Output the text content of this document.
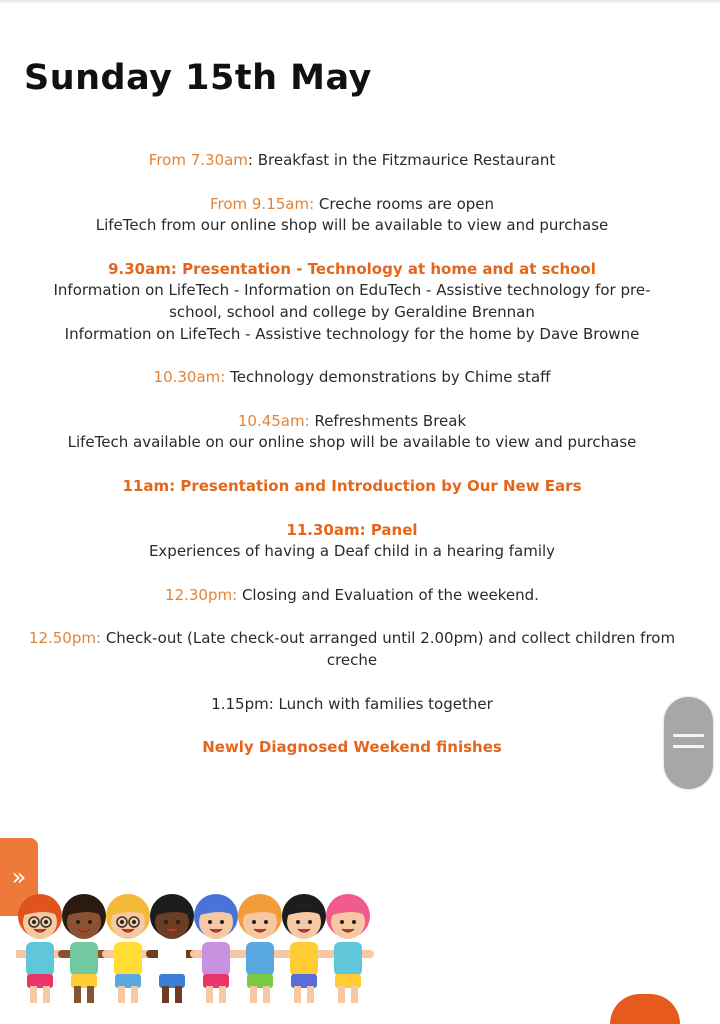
Sunday 15th May
From 7.30am: Breakfast in the Fitzmaurice Restaurant
From 9.15am: Creche rooms are open
LifeTech from our online shop will be available to view and purchase
9.30am: Presentation - Technology at home and at school
Information on LifeTech - Information on EduTech - Assistive technology for pre-
school, school and college by Geraldine Brennan
Information on LifeTech - Assistive technology for the home by Dave Browne
10.30am: Technology demonstrations by Chime staff
10.45am: Refreshments Break
LifeTech available on our online shop will be available to view and purchase
11am: Presentation and Introduction by Our New Ears
11.30am: Panel
Experiences of having a Deaf child in a hearing family
12.30pm: Closing and Evaluation of the weekend.
12.50pm: Check-out (Late check-out arranged until 2.00pm) and collect children from
creche
1.15pm: Lunch with families together
Newly Diagnosed Weekend finishes
»
